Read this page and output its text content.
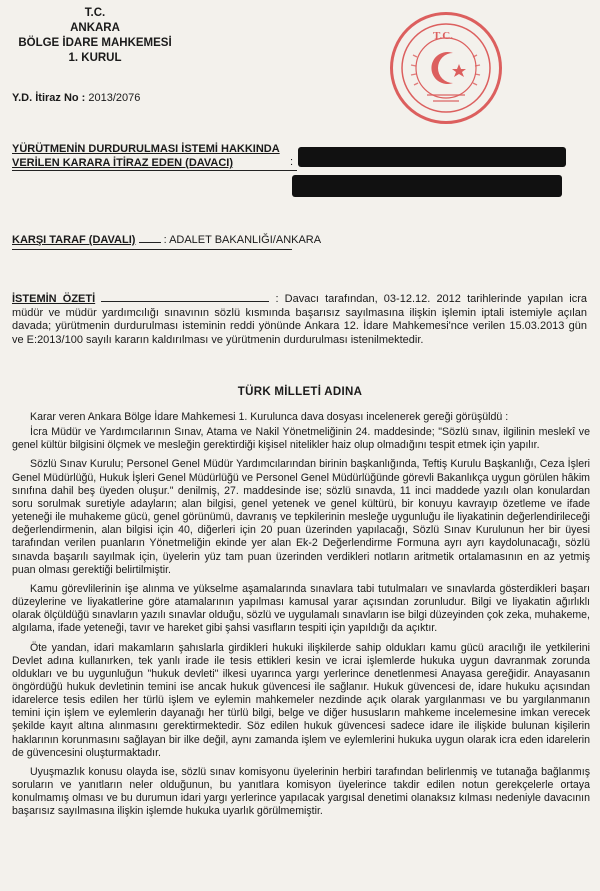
T.C.
ANKARA
BÖLGE İDARE MAHKEMESİ
1. KURUL
Y.D. İtiraz No : 2013/2076
T.C.
YÜRÜTMENİN DURDURULMASI İSTEMİ HAKKINDA
VERİLEN KARARA İTİRAZ EDEN (DAVACI)	:
KARŞI TARAF (DAVALI)	: ADALET BAKANLIĞI/ANKARA
İSTEMİN ÖZETİ	: Davacı tarafından, 03-12.12. 2012 tarihlerinde yapılan icra müdür ve müdür yardımcılığı sınavının sözlü kısmında başarısız sayılmasına ilişkin işlemin iptali istemiyle açılan davada; yürütmenin durdurulması isteminin reddi yönünde Ankara 12. İdare Mahkemesi'nce verilen 15.03.2013 gün ve E:2013/100 sayılı kararın kaldırılması ve yürütmenin durdurulması istenilmektedir.
TÜRK MİLLETİ ADINA

Karar veren Ankara Bölge İdare Mahkemesi 1. Kurulunca dava dosyası incelenerek gereği görüşüldü :

İcra Müdür ve Yardımcılarının Sınav, Atama ve Nakil Yönetmeliğinin 24. maddesinde; "Sözlü sınav, ilgilinin meslekî ve genel kültür bilgisini ölçmek ve mesleğin gerektirdiği kişisel nitelikler haiz olup olmadığını tespit etmek için yapılır.

Sözlü Sınav Kurulu; Personel Genel Müdür Yardımcılarından birinin başkanlığında, Teftiş Kurulu Başkanlığı, Ceza İşleri Genel Müdürlüğü, Hukuk İşleri Genel Müdürlüğü ve Personel Genel Müdürlüğünde görevli Bakanlıkça uygun görülen hâkim sınıfına dahil beş üyeden oluşur." denilmiş, 27. maddesinde ise; sözlü sınavda, 11 inci maddede yazılı olan konulardan soru sorulmak suretiyle adayların; alan bilgisi, genel yetenek ve genel kültürü, bir konuyu kavrayıp özetleme ve ifade yeteneği ile muhakeme gücü, genel görünümü, davranış ve tepkilerinin mesleğe uygunluğu ile liyakatinin değerlendirileceği değerlendirmenin, alan bilgisi için 40, diğerleri için 20 puan üzerinden yapılacağı, Sözlü Sınav Kurulunun her bir üyesi tarafından verilen puanların Yönetmeliğin ekinde yer alan Ek-2 Değerlendirme Formuna ayrı ayrı kaydolunacağı, sözlü sınavda başarılı sayılmak için, üyelerin yüz tam puan üzerinden verdikleri notların aritmetik ortalamasının en az yetmiş puan olması gerektiği belirtilmiştir.

Kamu görevlilerinin işe alınma ve yükselme aşamalarında sınavlara tabi tutulmaları ve sınavlarda gösterdikleri başarı düzeylerine ve liyakatlerine göre atamalarının yapılması kamusal yarar açısından zorunludur. Bilgi ve liyakatin ağırlıklı olarak ölçüldüğü sınavların yazılı sınavlar olduğu, sözlü ve uygulamalı sınavların ise bilgi düzeyinden çok zeka, muhakeme, algılama, ifade yeteneği, tavır ve hareket gibi şahsi vasıfların tespiti için yapıldığı da açıktır.

Öte yandan, idari makamların şahıslarla girdikleri hukuki ilişkilerde sahip oldukları kamu gücü aracılığı ile yetkilerini Devlet adına kullanırken, tek yanlı irade ile tesis ettikleri kesin ve icrai işlemlerde hukuka uygun davranmak zorunda oldukları ve bu uygunluğun "hukuk devleti" ilkesi uyarınca yargı yerlerince denetlenmesi Anayasa gereğidir. Anayasanın öngördüğü hukuk devletinin temini ise ancak hukuk güvencesi ile sağlanır. Hukuk güvencesi de, idare hukuku açısından idarelerce tesis edilen her türlü işlem ve eylemin mahkemeler nezdinde açık olarak yargılanması ve bu yargılanmanın temini için işlem ve eylemlerin dayanağı her türlü bilgi, belge ve diğer hususların mahkeme incelemesine imkan verecek şekilde kayıt altına alınmasını gerektirmektedir. Söz edilen hukuk güvencesi sadece idare ile ilişkide bulunan kişilerin haklarının korunmasını sağlayan bir ilke değil, aynı zamanda işlem ve eylemlerini hukuka uygun olarak icra eden idarelerin de güvencesini oluşturmaktadır.

Uyuşmazlık konusu olayda ise, sözlü sınav komisyonu üyelerinin herbiri tarafından belirlenmiş ve tutanağa bağlanmış soruların ve yanıtların neler olduğunun, bu yanıtlara komisyon üyelerince takdir edilen notun gerekçelerle ortaya konulmamış olması ve bu durumun idari yargı yerlerince yapılacak yargısal denetimi olanaksız kılması nedeniyle davacının başarısız sayılmasına ilişkin işlemde hukuka uyarlık görülmemiştir.
